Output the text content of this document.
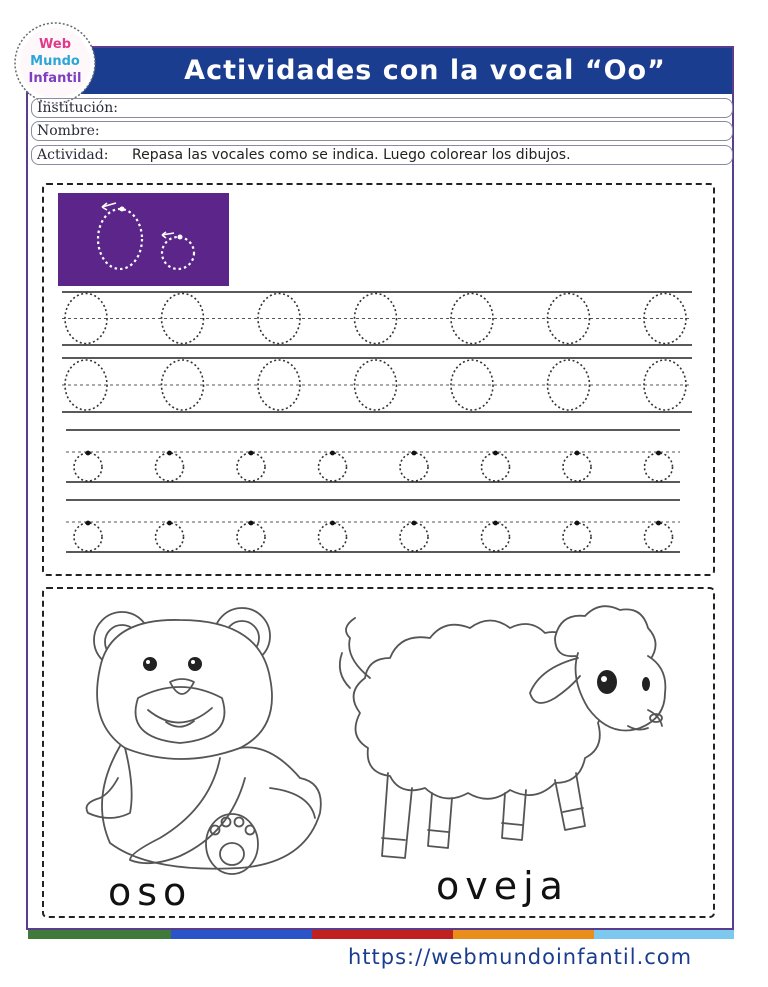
Actividades con la vocal “Oo”
Web
Mundo
Infantil
Institución:
Nombre:
Actividad: Repasa las vocales como se indica. Luego colorear los dibujos.
oso	oveja
https://webmundoinfantil.com
